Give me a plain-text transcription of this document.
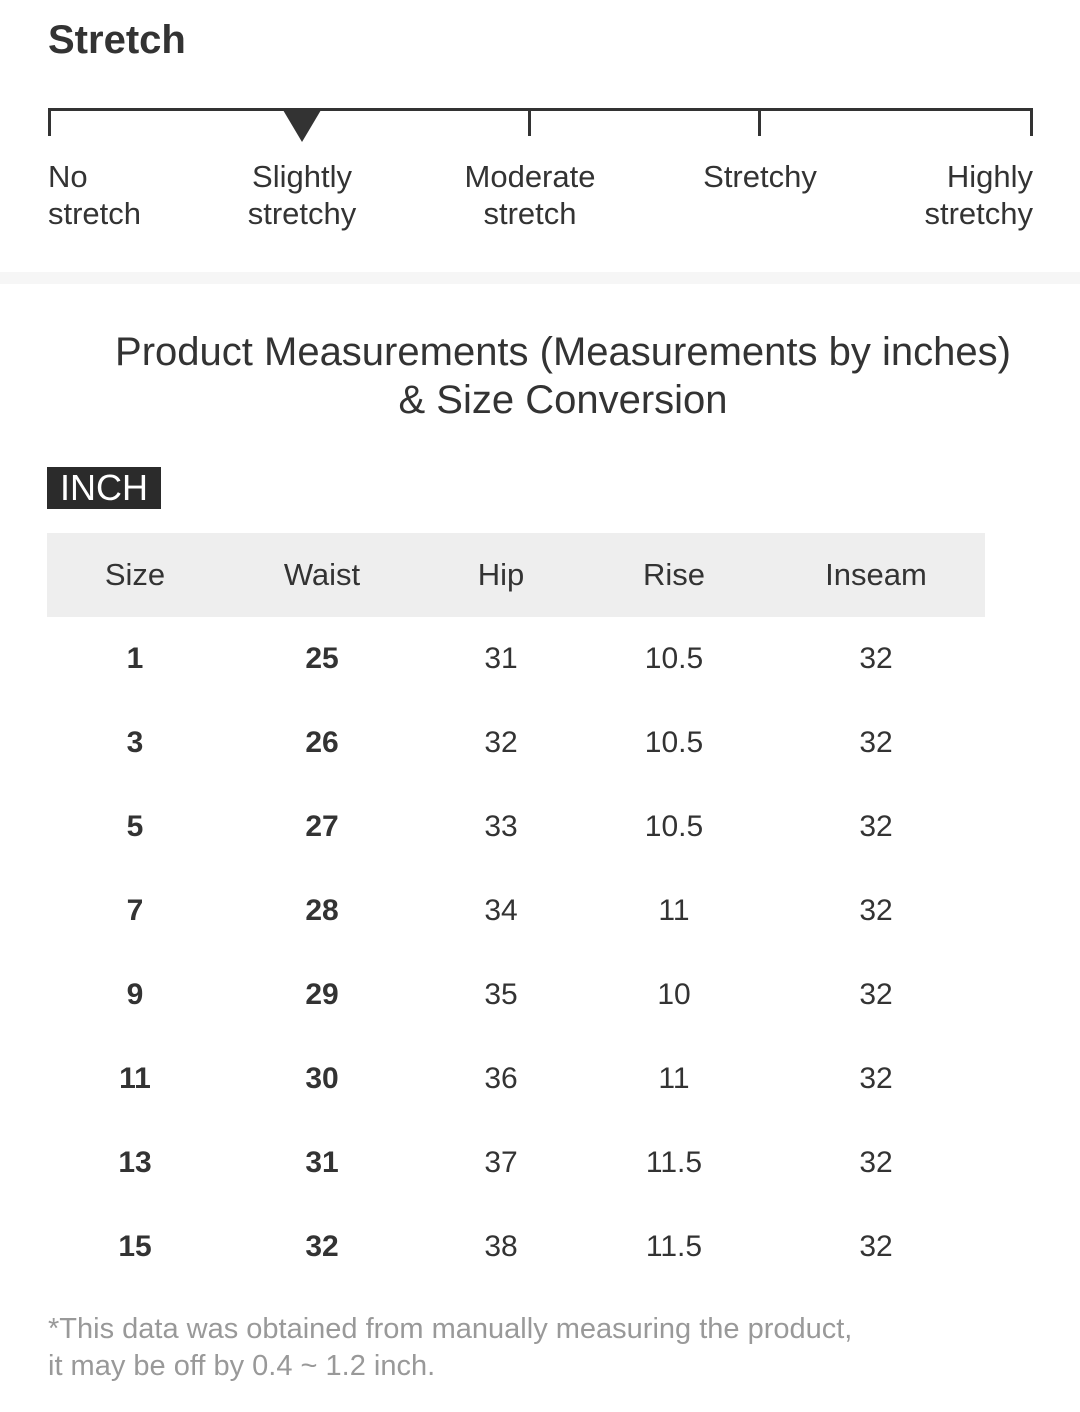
Stretch
No
stretch
Slightly
stretchy
Moderate
stretch
Stretchy	Highly
stretchy
Product Measurements (Measurements by inches) & Size Conversion
INCH
Size	Waist	Hip	Rise	Inseam
1	25	31	10.5	32
3	26	32	10.5	32
5	27	33	10.5	32
7	28	34	11	32
9	29	35	10	32
11	30	36	11	32
13	31	37	11.5	32
15	32	38	11.5	32

*This data was obtained from manually measuring the product,
it may be off by 0.4 ~ 1.2 inch.
